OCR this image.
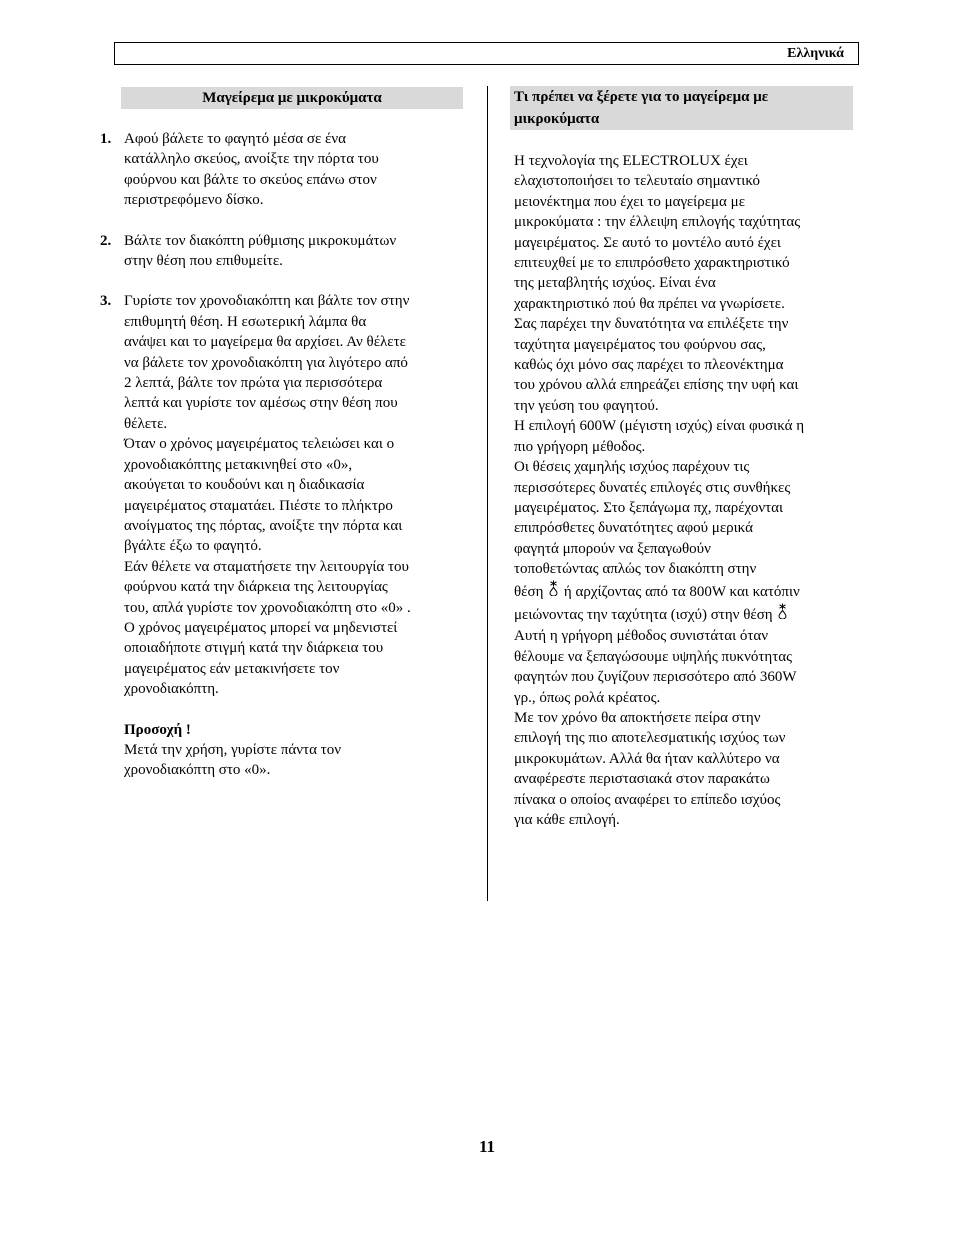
Ελληνικά
Μαγείρεμα με μικροκύματα	Τι πρέπει να ξέρετε για το μαγείρεμα με
μικροκύματα
1. Αφού βάλετε το φαγητό μέσα σε ένα
κατάλληλο σκεύος, ανοίξτε την πόρτα του
φούρνου και βάλτε το σκεύος επάνω στον
περιστρεφόμενο δίσκο.
2. Βάλτε τον διακόπτη ρύθμισης μικροκυμάτων
στην θέση που επιθυμείτε.
3. Γυρίστε τον χρονοδιακόπτη και βάλτε τον στην
επιθυμητή θέση. Η εσωτερική λάμπα θα
ανάψει και το μαγείρεμα θα αρχίσει. Αν θέλετε
να βάλετε τον χρονοδιακόπτη για λιγότερο από
2 λεπτά, βάλτε τον πρώτα για περισσότερα
λεπτά και γυρίστε τον αμέσως στην θέση που
θέλετε.
Όταν ο χρόνος μαγειρέματος τελειώσει και ο
χρονοδιακόπτης μετακινηθεί στο «0»,
ακούγεται το κουδούνι και η διαδικασία
μαγειρέματος σταματάει. Πιέστε το πλήκτρο
ανοίγματος της πόρτας, ανοίξτε την πόρτα και
βγάλτε έξω το φαγητό.
Εάν θέλετε να σταματήσετε την λειτουργία του
φούρνου κατά την διάρκεια της λειτουργίας
του, απλά γυρίστε τον χρονοδιακόπτη στο «0» .
Ο χρόνος μαγειρέματος μπορεί να μηδενιστεί
οποιαδήποτε στιγμή κατά την διάρκεια του
μαγειρέματος εάν μετακινήσετε τον
χρονοδιακόπτη.
Προσοχή !
Μετά την χρήση, γυρίστε πάντα τον
χρονοδιακόπτη στο «0».
Η τεχνολογία της ELECTROLUX έχει
ελαχιστοποιήσει το τελευταίο σημαντικό
μειονέκτημα που έχει το μαγείρεμα με
μικροκύματα : την έλλειψη επιλογής ταχύτητας
μαγειρέματος. Σε αυτό το μοντέλο αυτό έχει
επιτευχθεί με το επιπρόσθετο χαρακτηριστικό
της μεταβλητής ισχύος. Είναι ένα
χαρακτηριστικό πού θα πρέπει να γνωρίσετε.
Σας παρέχει την δυνατότητα να επιλέξετε την
ταχύτητα μαγειρέματος του φούρνου σας,
καθώς όχι μόνο σας παρέχει το πλεονέκτημα
του χρόνου αλλά επηρεάζει επίσης την υφή και
την γεύση του φαγητού.
Η επιλογή 600W (μέγιστη ισχύς) είναι φυσικά η
πιο γρήγορη μέθοδος.
Οι θέσεις χαμηλής ισχύος παρέχουν τις
περισσότερες δυνατές επιλογές στις συνθήκες
μαγειρέματος. Στο ξεπάγωμα πχ, παρέχονται
επιπρόσθετες δυνατότητες αφού μερικά
φαγητά μπορούν να ξεπαγωθούν
τοποθετώντας απλώς τον διακόπτη στην
θέση  ή αρχίζοντας από τα 800W και κατόπιν
μειώνοντας την ταχύτητα (ισχύ) στην θέση
Αυτή η γρήγορη μέθοδος συνιστάται όταν
θέλουμε να ξεπαγώσουμε υψηλής πυκνότητας
φαγητών που ζυγίζουν περισσότερο από 360W
γρ., όπως ρολά κρέατος.
Με τον χρόνο θα αποκτήσετε πείρα στην
επιλογή της πιο αποτελεσματικής ισχύος των
μικροκυμάτων. Αλλά θα ήταν καλλύτερο να
αναφέρεστε περιστασιακά στον παρακάτω
πίνακα ο οποίος αναφέρει το επίπεδο ισχύος
για κάθε επιλογή.
11
